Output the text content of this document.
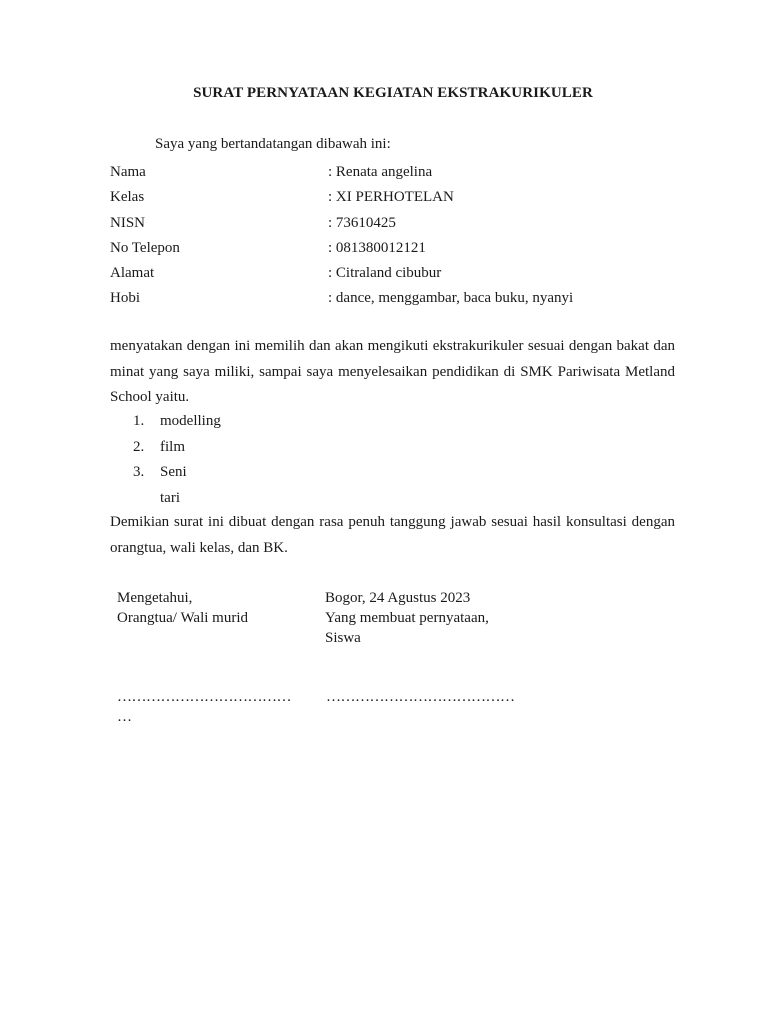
SURAT PERNYATAAN KEGIATAN EKSTRAKURIKULER
Saya yang bertandatangan dibawah ini:
Nama	: Renata angelina
Kelas	: XI PERHOTELAN
NISN	: 73610425
No Telepon	: 081380012121
Alamat	: Citraland cibubur
Hobi	: dance, menggambar, baca buku, nyanyi
menyatakan dengan ini memilih dan akan mengikuti ekstrakurikuler sesuai dengan bakat dan minat yang saya miliki, sampai saya menyelesaikan pendidikan di SMK Pariwisata Metland School yaitu.
1. modelling
2. film
3. Seni tari
Demikian surat ini dibuat dengan rasa penuh tanggung jawab sesuai hasil konsultasi dengan orangtua, wali kelas, dan BK.
Mengetahui,
Orangtua/ Wali murid
Bogor, 24 Agustus 2023
Yang membuat pernyataan,
Siswa
………………………………
…
…………………………………
